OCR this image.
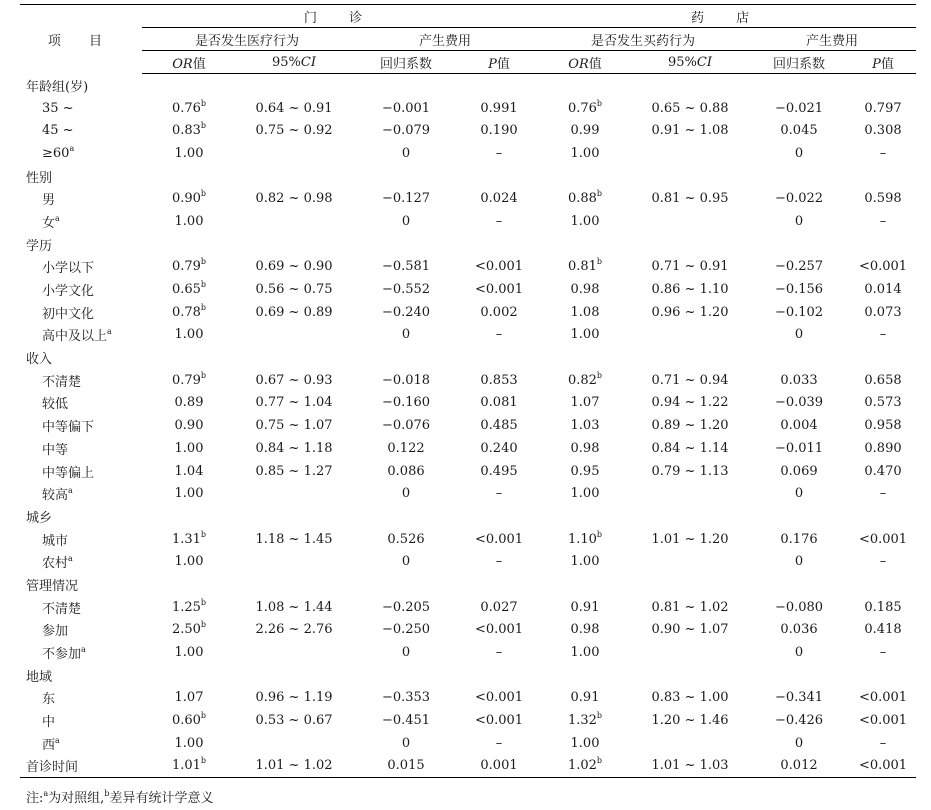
项 目	门 诊				药 店			
	是否发生医疗行为		产生费用		是否发生买药行为		产生费用	
	OR值	95%CI	回归系数	P值	OR值	95%CI	回归系数	P值
年龄组(岁)								
35 ~	0.76$^b$	0.64 ~ 0.91	−0.001	0.991	0.76$^b$	0.65 ~ 0.88	−0.021	0.797
45 ~	0.83$^b$	0.75 ~ 0.92	−0.079	0.190	0.99	0.91 ~ 1.08	0.045	0.308
$\ge 60^a$	1.00		0	–	1.00		0	–
性别								
男	0.90$^b$	0.82 ~ 0.98	−0.127	0.024	0.88$^b$	0.81 ~ 0.95	−0.022	0.598
女$^a$	1.00		0	–	1.00		0	–
学历								
小学以下	0.79$^b$	0.69 ~ 0.90	−0.581	<0.001	0.81$^b$	0.71 ~ 0.91	−0.257	<0.001
小学文化	0.65$^b$	0.56 ~ 0.75	−0.552	<0.001	0.98	0.86 ~ 1.10	−0.156	0.014
初中文化	0.78$^b$	0.69 ~ 0.89	−0.240	0.002	1.08	0.96 ~ 1.20	−0.102	0.073
高中及以上$^a$	1.00		0	–	1.00		0	–
收入								
不清楚	0.79$^b$	0.67 ~ 0.93	−0.018	0.853	0.82$^b$	0.71 ~ 0.94	0.033	0.658
较低	0.89	0.77 ~ 1.04	−0.160	0.081	1.07	0.94 ~ 1.22	−0.039	0.573
中等偏下	0.90	0.75 ~ 1.07	−0.076	0.485	1.03	0.89 ~ 1.20	0.004	0.958
中等	1.00	0.84 ~ 1.18	0.122	0.240	0.98	0.84 ~ 1.14	−0.011	0.890
中等偏上	1.04	0.85 ~ 1.27	0.086	0.495	0.95	0.79 ~ 1.13	0.069	0.470
较高$^a$	1.00		0	–	1.00		0	–
城乡								
城市	1.31$^b$	1.18 ~ 1.45	0.526	<0.001	1.10$^b$	1.01 ~ 1.20	0.176	<0.001
农村$^a$	1.00		0	–	1.00		0	–
管理情况								
不清楚	1.25$^b$	1.08 ~ 1.44	−0.205	0.027	0.91	0.81 ~ 1.02	−0.080	0.185
参加	2.50$^b$	2.26 ~ 2.76	−0.250	<0.001	0.98	0.90 ~ 1.07	0.036	0.418
不参加$^a$	1.00		0	–	1.00		0	–
地域								
东	1.07	0.96 ~ 1.19	−0.353	<0.001	0.91	0.83 ~ 1.00	−0.341	<0.001
中	0.60$^b$	0.53 ~ 0.67	−0.451	<0.001	1.32$^b$	1.20 ~ 1.46	−0.426	<0.001
西$^a$	1.00		0	–	1.00		0	–
首诊时间	1.01$^b$	1.01 ~ 1.02	0.015	0.001	1.02$^b$	1.01 ~ 1.03	0.012	<0.001
注:$^a$为对照组,$^b$差异有统计学意义
